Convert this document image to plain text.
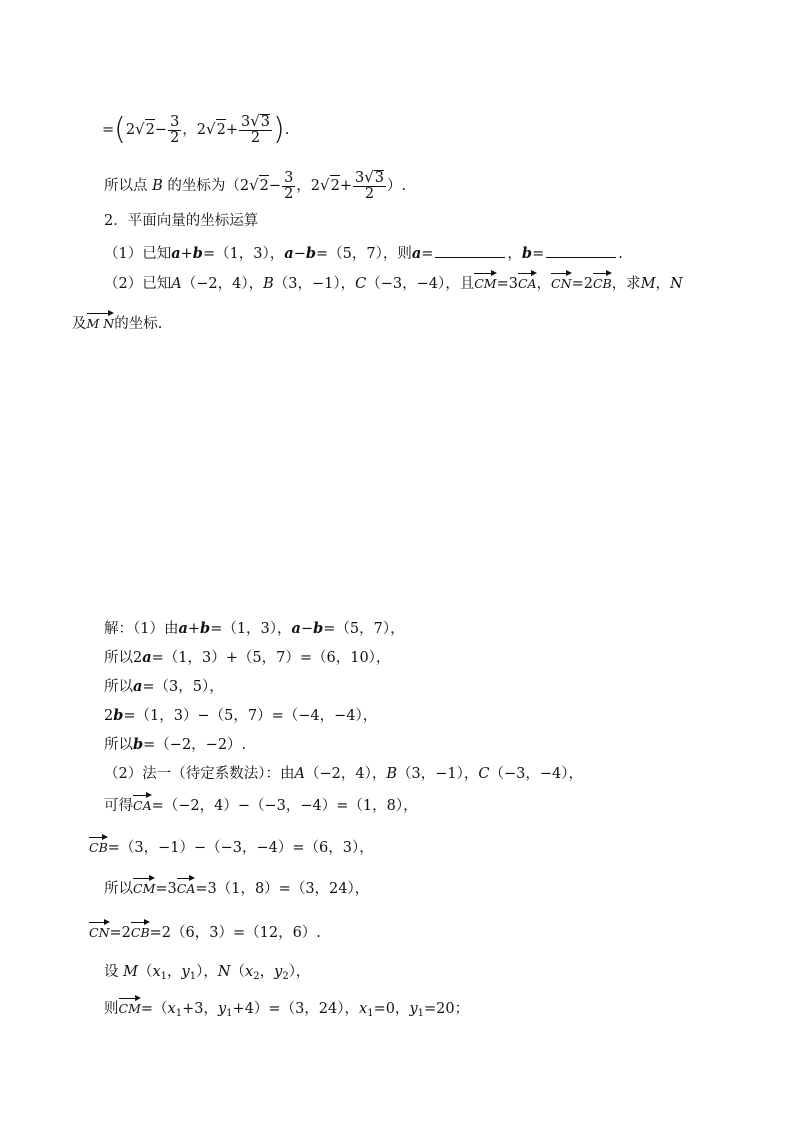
$=(2√2- \frac{3}{2}$ ，$2√2+ \frac{3√3}{2}$ ).
所以点 B 的坐标为（$2√2- \frac{3}{2}$ ，$2√2+ \frac{3√3}{2}$ ）.
2．平面向量的坐标运算
（1）已知a+b=（1，3），a−b=（5，7），则a=	，b=	.
（2）已知A（−2，4），B（3，−1），C（−3，−4），且CM=3CA，CN=2CB，求M，N
及M N的坐标.
解：（1）由a+b=（1，3），a−b=（5，7），
所以2a=（1，3）+（5，7）=（6，10），
所以a=（3，5），
2b=（1，3）−（5，7）=（−4，−4），
所以b=（−2，−2）.
（2）法一（待定系数法）：由A（−2，4），B（3，−1），C（−3，−4），
可得CA=（−2，4）−（−3，−4）=（1，8），
CB=（3，−1）−（−3，−4）=（6，3），
所以CM=3CA=3（1，8）=（3，24），
CN=2CB=2（6，3）=（12，6）.
设 $M(x_1$，$y_1$），$N(x_2$，$y_2$），
则$CM=(x_1+3$，$y_1+4)=(3$，24），$x_1=0$，$y_1=20$；
